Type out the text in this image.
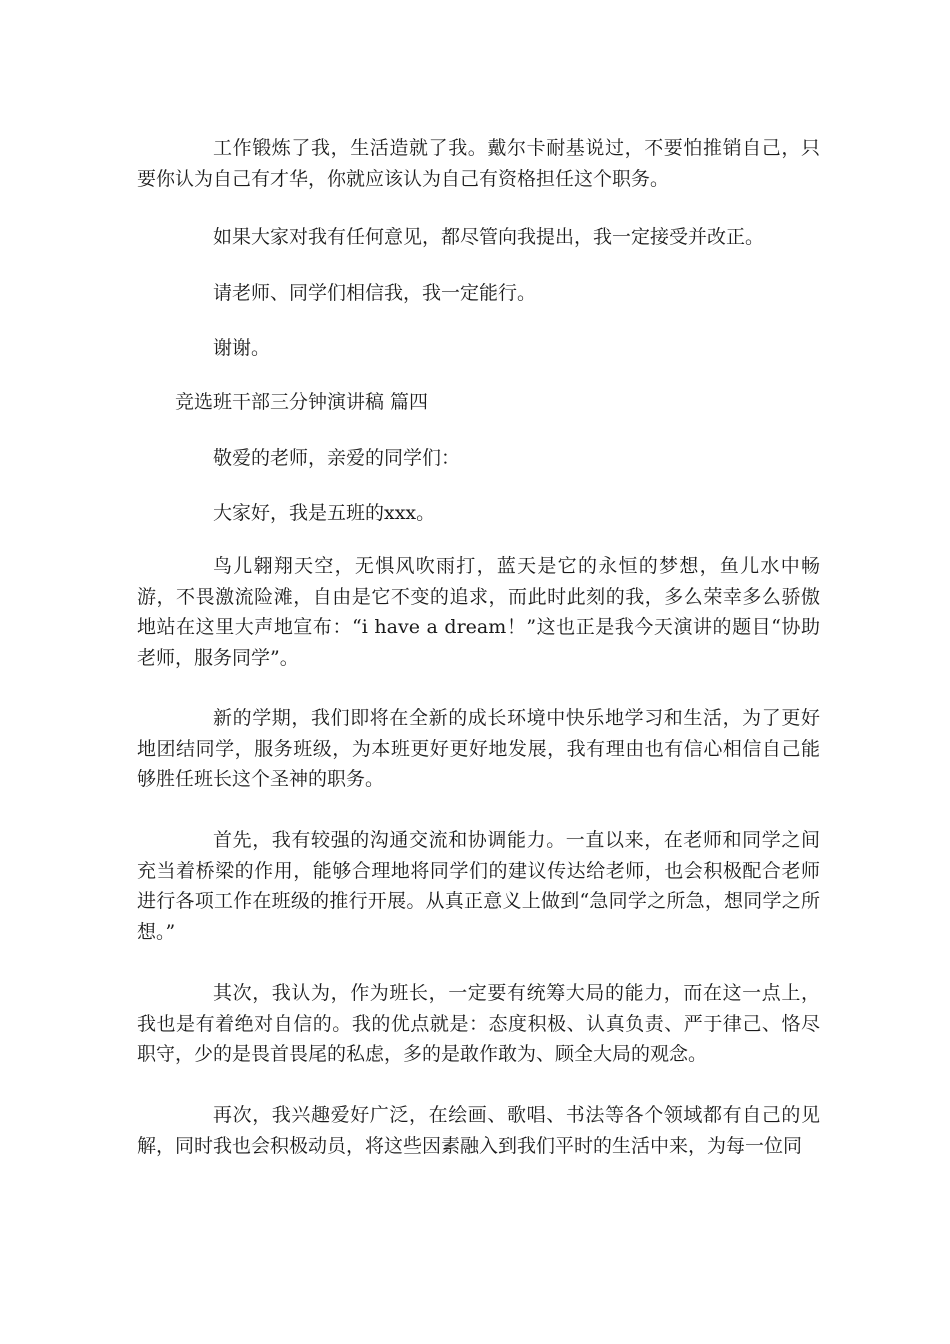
工作锻炼了我，生活造就了我。戴尔卡耐基说过，不要怕推销自己，只要你认为自己有才华，你就应该认为自己有资格担任这个职务。

如果大家对我有任何意见，都尽管向我提出，我一定接受并改正。

请老师、同学们相信我，我一定能行。

谢谢。

竞选班干部三分钟演讲稿 篇四

敬爱的老师，亲爱的同学们：

大家好，我是五班的xxx。

鸟儿翱翔天空，无惧风吹雨打，蓝天是它的永恒的梦想，鱼儿水中畅游，不畏激流险滩，自由是它不变的追求，而此时此刻的我，多么荣幸多么骄傲地站在这里大声地宣布：“i have a dream！”这也正是我今天演讲的题目“协助老师，服务同学”。

新的学期，我们即将在全新的成长环境中快乐地学习和生活，为了更好地团结同学，服务班级，为本班更好更好地发展，我有理由也有信心相信自己能够胜任班长这个圣神的职务。

首先，我有较强的沟通交流和协调能力。一直以来，在老师和同学之间充当着桥梁的作用，能够合理地将同学们的建议传达给老师，也会积极配合老师进行各项工作在班级的推行开展。从真正意义上做到“急同学之所急，想同学之所想。”

其次，我认为，作为班长，一定要有统筹大局的能力，而在这一点上，我也是有着绝对自信的。我的优点就是：态度积极、认真负责、严于律己、恪尽职守，少的是畏首畏尾的私虑，多的是敢作敢为、顾全大局的观念。

再次，我兴趣爱好广泛，在绘画、歌唱、书法等各个领域都有自己的见解，同时我也会积极动员，将这些因素融入到我们平时的生活中来，为每一位同
